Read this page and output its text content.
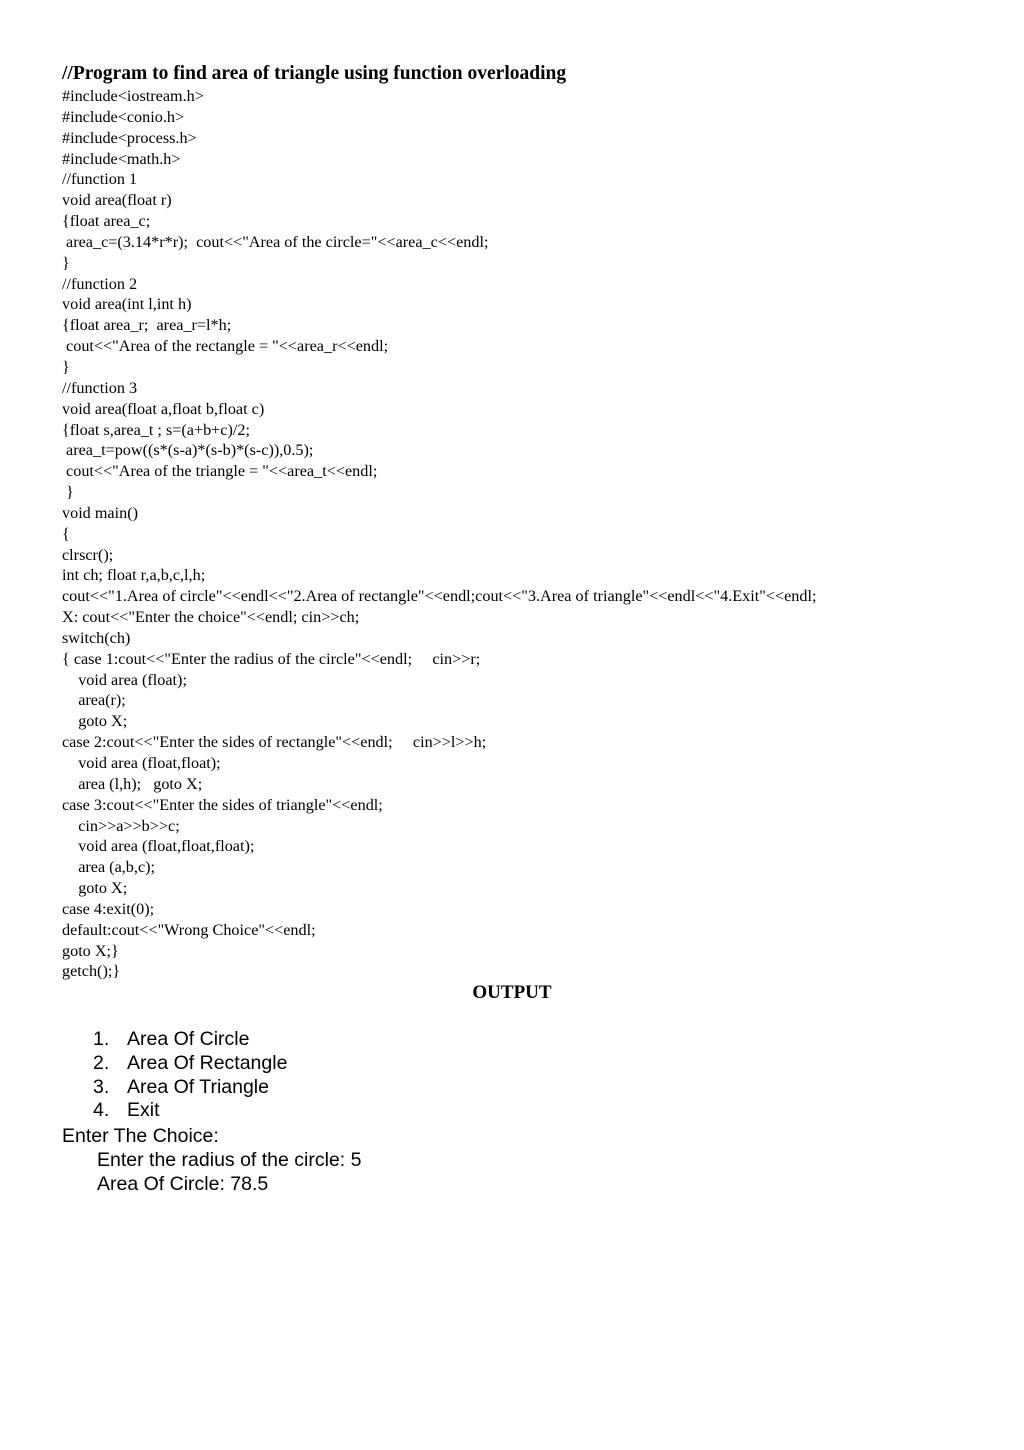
//Program to find area of triangle using function overloading
#include<iostream.h>
#include<conio.h>
#include<process.h>
#include<math.h>
//function 1
void area(float r)
{float area_c;
area_c=(3.14*r*r);  cout<<"Area of the circle="<<area_c<<endl;
}
//function 2
void area(int l,int h)
{float area_r;  area_r=l*h;
cout<<"Area of the rectangle = "<<area_r<<endl;
}
//function 3
void area(float a,float b,float c)
{float s,area_t ; s=(a+b+c)/2;
area_t=pow((s*(s-a)*(s-b)*(s-c)),0.5);
cout<<"Area of the triangle = "<<area_t<<endl;
}
void main()
{
clrscr();
int ch; float r,a,b,c,l,h;
cout<<"1.Area of circle"<<endl<<"2.Area of rectangle"<<endl;cout<<"3.Area of triangle"<<endl<<"4.Exit"<<endl;
X: cout<<"Enter the choice"<<endl; cin>>ch;
switch(ch)
{ case 1:cout<<"Enter the radius of the circle"<<endl;     cin>>r;
void area (float);
area(r);
goto X;
case 2:cout<<"Enter the sides of rectangle"<<endl;     cin>>l>>h;
void area (float,float);
area (l,h);   goto X;
case 3:cout<<"Enter the sides of triangle"<<endl;
cin>>a>>b>>c;
void area (float,float,float);
area (a,b,c);
goto X;
case 4:exit(0);
default:cout<<"Wrong Choice"<<endl;
goto X;}
getch();}
OUTPUT
1. Area Of Circle
2. Area Of Rectangle
3. Area Of Triangle
4. Exit
Enter The Choice:
Enter the radius of the circle: 5
Area Of Circle: 78.5
